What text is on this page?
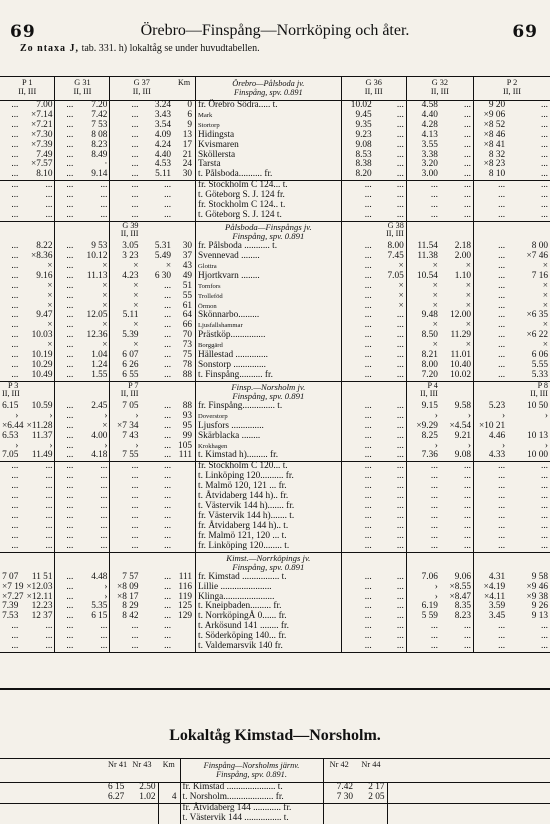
69	69
Örebro—Finspång—Norrköping och åter.
Zo ntaxa J, tab. 331. h) lokaltåg se under huvudtabellen.
P 1
II, III		G 31
II, III		G 37
II, III		Km	Örebro—Pålsboda jv.
Finspång, spv. 0.891	G 36
II, III		G 32
II, III		P 2
II, III	
...	7.00	...	7.20	...	3.24	0	fr. Örebro Södra..... t.	10.02	...	4.58	...	9 20	...
...	×7.14	...	7.42	...	3.43	6	Mark	9.45	...	4.40	...	×9 06	...
...	×7.21	...	7 53	...	3.54	9	Stortorp	9.35	...	4.28	...	×8 52	...
...	×7.30	...	8 08	...	4.09	13	Hidingsta	9.23	...	4.13	...	×8 46	...
...	×7.39	...	8.23	...	4.24	17	Kvismaren	9.08	...	3.55	...	×8 41	...
...	7.49	...	8.49	...	4.40	21	Sköllersta	8.53	...	3.38	...	8 32	...
...	×7.57	...	·	...	4.53	24	Tarsta	8.38	...	3.20	...	×8 23	...
...	8.10	...	9.14	...	5.11	30	t. Pålsboda.......... fr.	8.20	...	3.00	...	8 10	...
...	...	...	...	...	...		fr. Stockholm C 124... t.	...	...	...	...	...	...
...	...	...	...	...	...		t. Göteborg S. J. 124 fr.	...	...	...	...	...	...
...	...	...	...	...	...		fr. Stockholm C 124.. t.	...	...	...	...	...	...
...	...	...	...	...	...		t. Göteborg S. J. 124 t.	...	...	...	...	...	...
				G 39
II, III			Pålsboda—Finspångs jv.
Finspång, spv. 0.891		G 38
II, III				
...	8.22	...	9 53	3.05	5.31	30	fr. Pålsboda ........... t.	...	8.00	11.54	2.18	...	8 00
...	×8.36	...	10.12	3 23	5.49	37	Svennevad ........	...	7.45	11.38	2.00	...	×7 46
...	×	...	×	×	×	43	Glottra	...	×	×	×	...	×
...	9.16	...	11.13	4.23	6 30	49	Hjortkvarn ........	...	7.05	10.54	1.10	...	7 16
...	×	...	×	×	...	51	Tornfors	...	×	×	×	...	×
...	×	...	×	×	...	55	Trolleföd	...	×	×	×	...	×
...	×	...	×	×	...	61	Örmon	...	×	×	×	...	×
...	9.47	...	12.05	5.11	...	64	Skönnarbo.........	...	...	9.48	12.00	...	×6 35
...	×	...	×	×	...	66	Ljusfallshammar	...	...	×	×	...	×
...	10.03	...	12.36	5.39	...	70	Prästköp...............	...	...	8.50	11.29	...	×6 22
...	×	...	×	×	...	73	Borggärd	...	...	×	×	...	×
...	10.19	...	1.04	6 07	...	75	Hällestad ..............	...	...	8.21	11.01	...	6 06
...	10.29	...	1.24	6 26	...	78	Sonstorp ..............	...	...	8.00	10.40	...	5.55
...	10.49	...	1.55	6 55	...	88	t. Finspång.......... fr.	...	...	7.20	10.02	...	5.33
P 3
II, III				P 7
II, III			Finsp.—Norsholm jv.
Finspång, spv. 0.891			P 4
II, III			P 8
II, III
6.15	10.59	...	2.45	7 05	...	88	fr. Finspång.............. t.	...	...	9.15	9.58	5.23	10 50
›	›	...	›	›	...	93	Doverstorp	...	...	›	›	›	›
×6.44	×11.28	...	×	×7 34	...	95	Ljusfors ..............	...	...	×9.29	×4.54	×10 21	
6.53	11.37	...	4.00	7 43	...	99	Skärblacka ........	...	...	8.25	9.21	4.46	10 13
›	›	...	›	›	...	105	Krokhagen	...	...	›	›	›	›
7.05	11.49	...	4.18	7 55	...	111	t. Kimstad h)......... fr.	...	...	7.36	9.08	4.33	10 00
...	...	...	...	...	...		fr. Stockholm C 120... t.	...	...	...	...	...	...
...	...	...	...	...	...		t. Linköping 120.......... fr.	...	...	...	...	...	...
...	...	...	...	...	...		t. Malmö 120, 121 ... fr.	...	...	...	...	...	...
...	...	...	...	...	...		t. Åtvidaberg 144 h).. fr.	...	...	...	...	...	...
...	...	...	...	...	...		t. Västervik 144 h)....... fr.	...	...	...	...	...	...
...	...	...	...	...	...		fr. Västervik 144 h)....... t.	...	...	...	...	...	...
...	...	...	...	...	...		fr. Åtvidaberg 144 h).. t.	...	...	...	...	...	...
...	...	...	...	...	...		fr. Malmö 121, 120 ... t.	...	...	...	...	...	...
...	...	...	...	...	...		fr. Linköping 120........ t.	...	...	...	...	...	...
							Kimst.—Norrköpings jv.
Finspång, spv. 0.891						
7 07	11 51	...	4.48	7 57	...	111	fr. Kimstad ................ t.	...	...	7.06	9.06	4.31	9 58
×7 19	×12.03	...	›	×8 09	...	116	Lillie ......................	...	...	›	×8.55	×4.19	×9 46
×7.27	×12.11	...	›	×8 17	...	119	Klinga......................	...	...	›	×8.47	×4.11	×9 38
7.39	12.23	...	5.35	8 29	...	125	t. Kneipbaden......... fr.	...	...	6.19	8.35	3.59	9 26
7.53	12 37	...	6 15	8 42	...	129	t. NorrköpingÅ 0...... fr.	...	...	5 59	8.23	3.45	9 13
...	...	...	...	...	...		t. Arkösund 141 ........ fr.	...	...	...	...	...	...
...	...	...	...	...	...		t. Söderköping 140... fr.	...	...	...	...	...	...
...	...	...	...	...	...		t. Valdemarsvik 140 fr.	...	...	...	...	...	...
Lokaltåg Kimstad—Norsholm.
		Nr 41	Nr 43	Km	Finspång—Norsholms järnv.
Finspång, spv. 0.891.	Nr 42	Nr 44		
		6 15	2.50		fr. Kimstad ..................... t.	7.42	2 17		
		6.27	1.02	4	t. Norsholm.................... fr.	7 30	2 05		
					fr. Åtvidaberg 144 ............ fr.				
					t. Västervik 144 ................ t.				
